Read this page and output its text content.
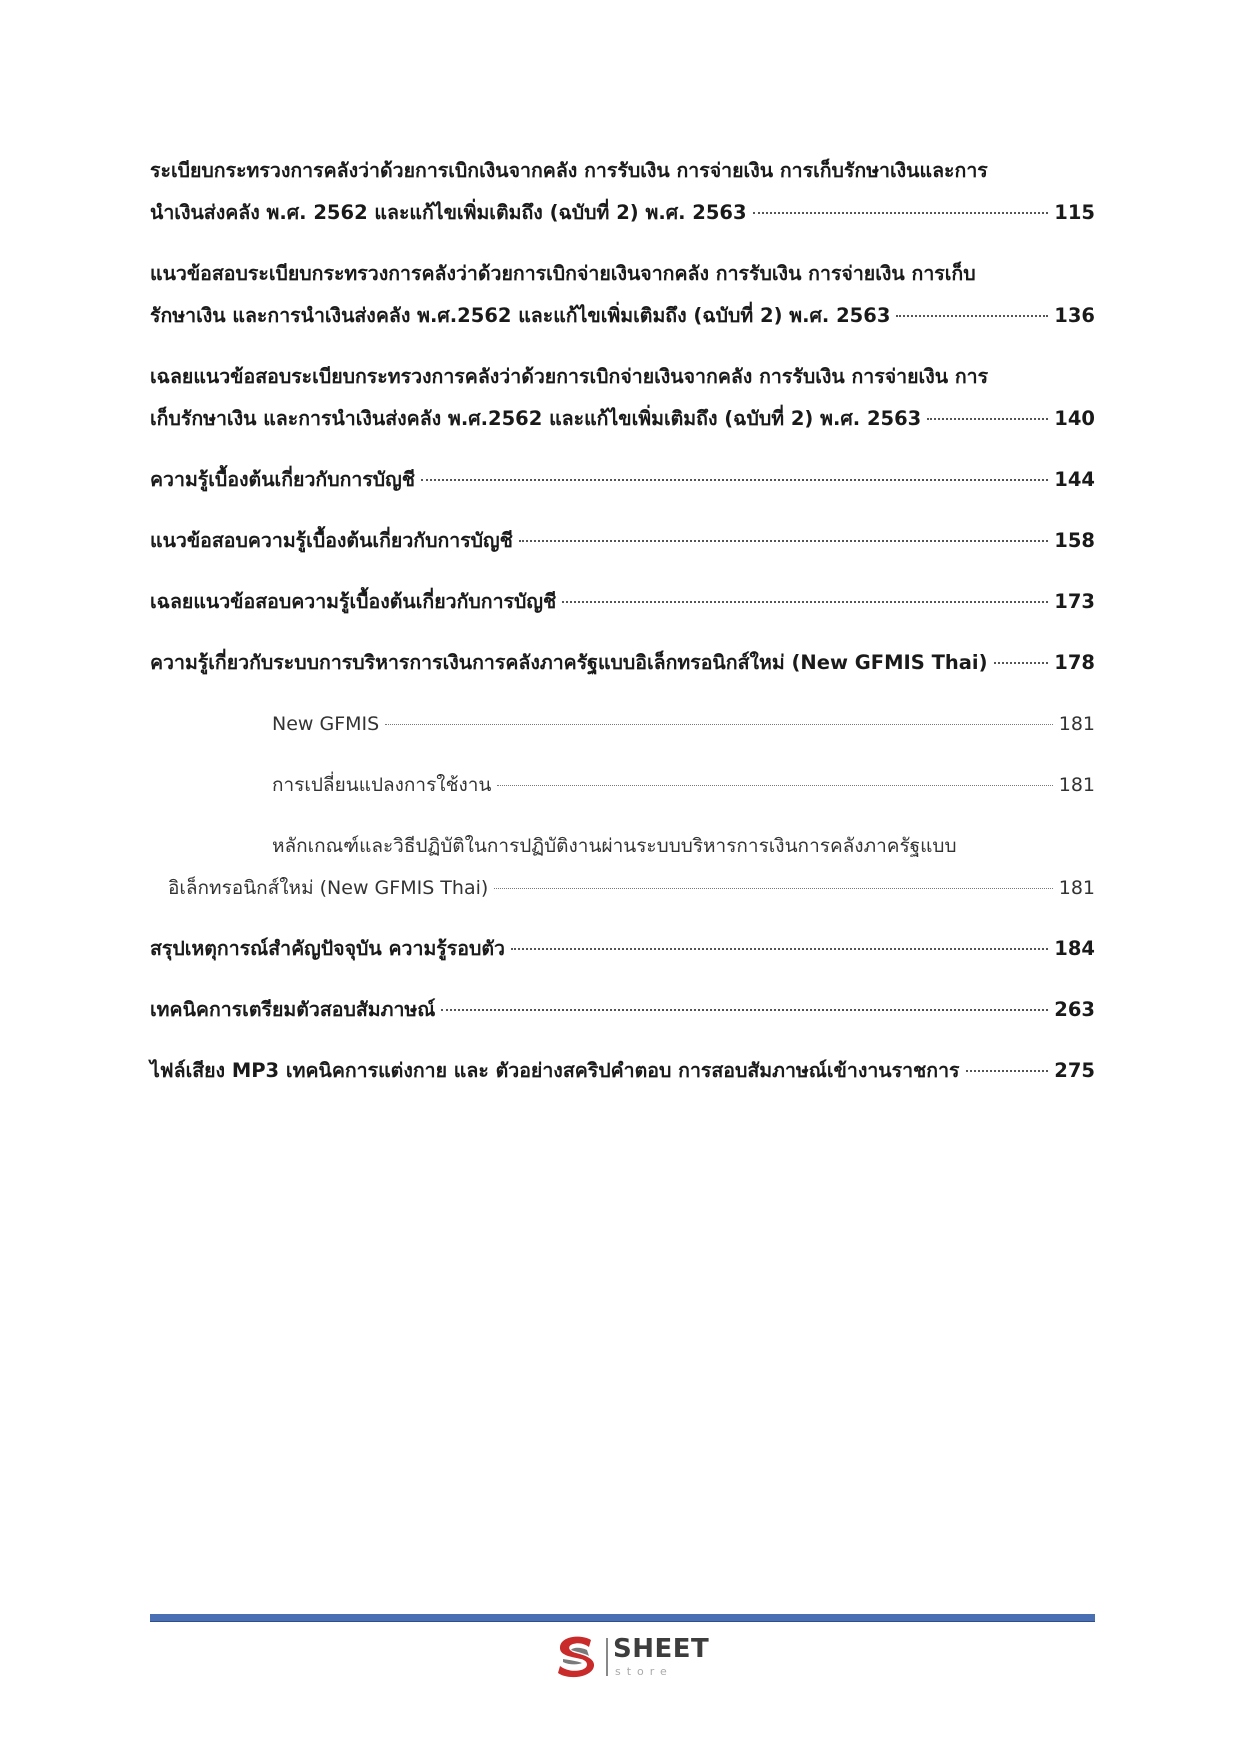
ระเบียบกระทรวงการคลังว่าด้วยการเบิกเงินจากคลัง การรับเงิน การจ่ายเงิน การเก็บรักษาเงินและการ
นำเงินส่งคลัง พ.ศ. 2562 และแก้ไขเพิ่มเติมถึง (ฉบับที่ 2) พ.ศ. 2563	115
แนวข้อสอบระเบียบกระทรวงการคลังว่าด้วยการเบิกจ่ายเงินจากคลัง การรับเงิน การจ่ายเงิน การเก็บ
รักษาเงิน และการนำเงินส่งคลัง พ.ศ.2562 และแก้ไขเพิ่มเติมถึง (ฉบับที่ 2) พ.ศ. 2563	136
เฉลยแนวข้อสอบระเบียบกระทรวงการคลังว่าด้วยการเบิกจ่ายเงินจากคลัง การรับเงิน การจ่ายเงิน การ
เก็บรักษาเงิน และการนำเงินส่งคลัง พ.ศ.2562 และแก้ไขเพิ่มเติมถึง (ฉบับที่ 2) พ.ศ. 2563	140
ความรู้เบื้องต้นเกี่ยวกับการบัญชี	144
แนวข้อสอบความรู้เบื้องต้นเกี่ยวกับการบัญชี	158
เฉลยแนวข้อสอบความรู้เบื้องต้นเกี่ยวกับการบัญชี	173
ความรู้เกี่ยวกับระบบการบริหารการเงินการคลังภาครัฐแบบอิเล็กทรอนิกส์ใหม่ (New GFMIS Thai)	178
New GFMIS	181
การเปลี่ยนแปลงการใช้งาน	181
หลักเกณฑ์และวิธีปฏิบัติในการปฏิบัติงานผ่านระบบบริหารการเงินการคลังภาครัฐแบบ
อิเล็กทรอนิกส์ใหม่ (New GFMIS Thai)	181
สรุปเหตุการณ์สำคัญปัจจุบัน ความรู้รอบตัว	184
เทคนิคการเตรียมตัวสอบสัมภาษณ์	263
ไฟล์เสียง MP3 เทคนิคการแต่งกาย และ ตัวอย่างสคริปคำตอบ การสอบสัมภาษณ์เข้างานราชการ	275
SHEET
store
